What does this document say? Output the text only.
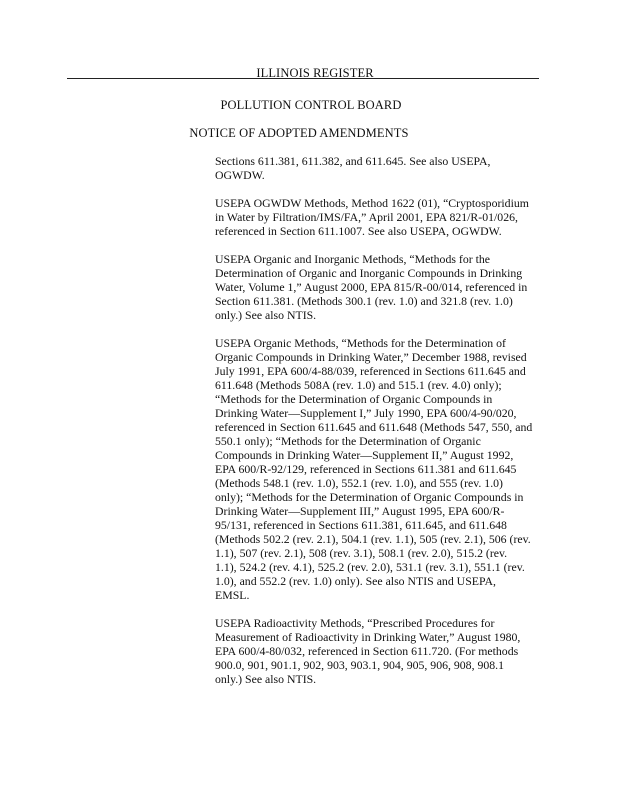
ILLINOIS REGISTER
POLLUTION CONTROL BOARD
NOTICE OF ADOPTED AMENDMENTS

Sections 611.381, 611.382, and 611.645. See also USEPA,
OGWDW.

USEPA OGWDW Methods, Method 1622 (01), “Cryptosporidium
in Water by Filtration/IMS/FA,” April 2001, EPA 821/R-01/026,
referenced in Section 611.1007. See also USEPA, OGWDW.

USEPA Organic and Inorganic Methods, “Methods for the
Determination of Organic and Inorganic Compounds in Drinking
Water, Volume 1,” August 2000, EPA 815/R-00/014, referenced in
Section 611.381. (Methods 300.1 (rev. 1.0) and 321.8 (rev. 1.0)
only.) See also NTIS.

USEPA Organic Methods, “Methods for the Determination of
Organic Compounds in Drinking Water,” December 1988, revised
July 1991, EPA 600/4-88/039, referenced in Sections 611.645 and
611.648 (Methods 508A (rev. 1.0) and 515.1 (rev. 4.0) only);
“Methods for the Determination of Organic Compounds in
Drinking Water—Supplement I,” July 1990, EPA 600/4-90/020,
referenced in Section 611.645 and 611.648 (Methods 547, 550, and
550.1 only); “Methods for the Determination of Organic
Compounds in Drinking Water—Supplement II,” August 1992,
EPA 600/R-92/129, referenced in Sections 611.381 and 611.645
(Methods 548.1 (rev. 1.0), 552.1 (rev. 1.0), and 555 (rev. 1.0)
only); “Methods for the Determination of Organic Compounds in
Drinking Water—Supplement III,” August 1995, EPA 600/R-
95/131, referenced in Sections 611.381, 611.645, and 611.648
(Methods 502.2 (rev. 2.1), 504.1 (rev. 1.1), 505 (rev. 2.1), 506 (rev.
1.1), 507 (rev. 2.1), 508 (rev. 3.1), 508.1 (rev. 2.0), 515.2 (rev.
1.1), 524.2 (rev. 4.1), 525.2 (rev. 2.0), 531.1 (rev. 3.1), 551.1 (rev.
1.0), and 552.2 (rev. 1.0) only). See also NTIS and USEPA,
EMSL.

USEPA Radioactivity Methods, “Prescribed Procedures for
Measurement of Radioactivity in Drinking Water,” August 1980,
EPA 600/4-80/032, referenced in Section 611.720. (For methods
900.0, 901, 901.1, 902, 903, 903.1, 904, 905, 906, 908, 908.1
only.) See also NTIS.
